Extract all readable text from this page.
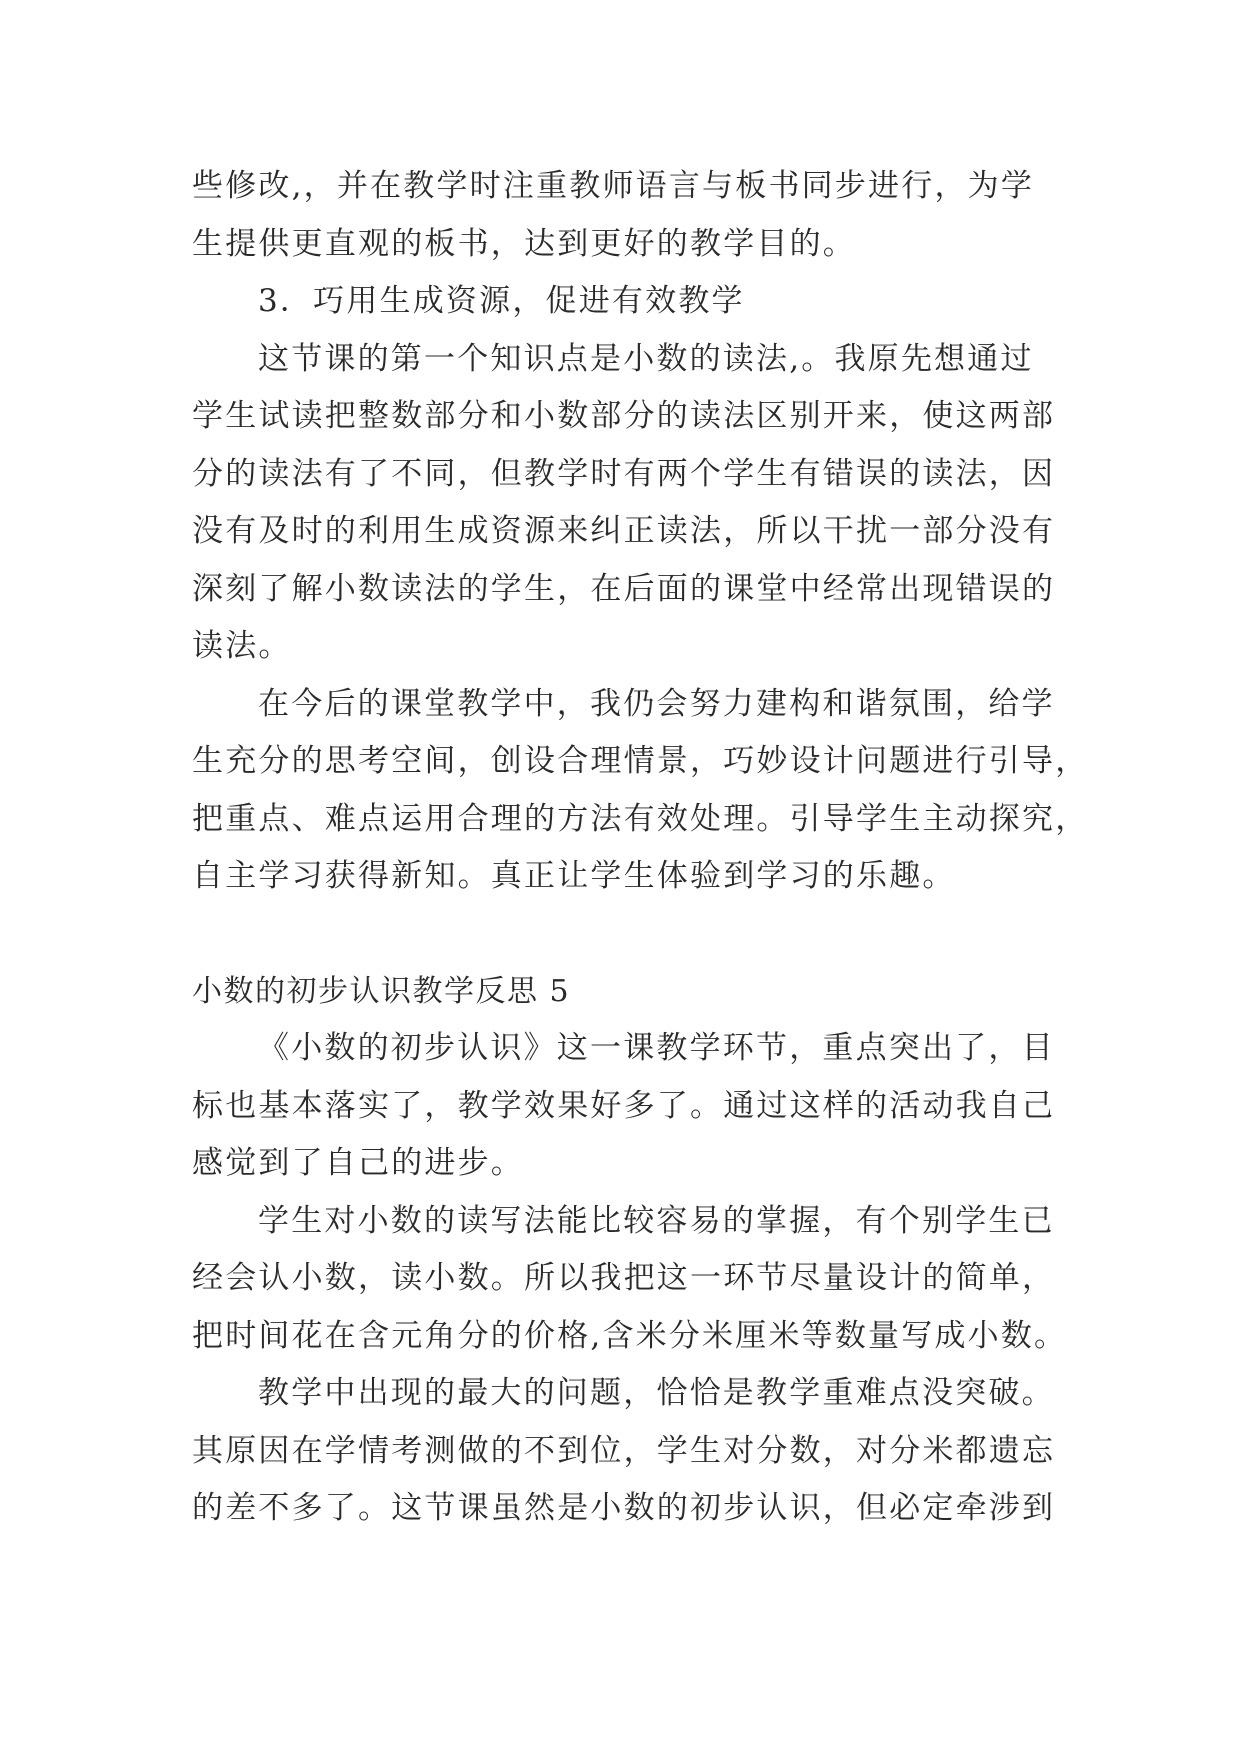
些修改,，并在教学时注重教师语言与板书同步进行，为学
生提供更直观的板书，达到更好的教学目的。

3．巧用生成资源，促进有效教学

这节课的第一个知识点是小数的读法,。我原先想通过
学生试读把整数部分和小数部分的读法区别开来，使这两部
分的读法有了不同，但教学时有两个学生有错误的读法，因
没有及时的利用生成资源来纠正读法，所以干扰一部分没有
深刻了解小数读法的学生，在后面的课堂中经常出现错误的
读法。

在今后的课堂教学中，我仍会努力建构和谐氛围，给学
生充分的思考空间，创设合理情景，巧妙设计问题进行引导，
把重点、难点运用合理的方法有效处理。引导学生主动探究，
自主学习获得新知。真正让学生体验到学习的乐趣。

小数的初步认识教学反思 5

《小数的初步认识》这一课教学环节，重点突出了，目
标也基本落实了，教学效果好多了。通过这样的活动我自己
感觉到了自己的进步。

学生对小数的读写法能比较容易的掌握，有个别学生已
经会认小数，读小数。所以我把这一环节尽量设计的简单，
把时间花在含元角分的价格,含米分米厘米等数量写成小数。

教学中出现的最大的问题，恰恰是教学重难点没突破。
其原因在学情考测做的不到位，学生对分数，对分米都遗忘
的差不多了。这节课虽然是小数的初步认识，但必定牵涉到
